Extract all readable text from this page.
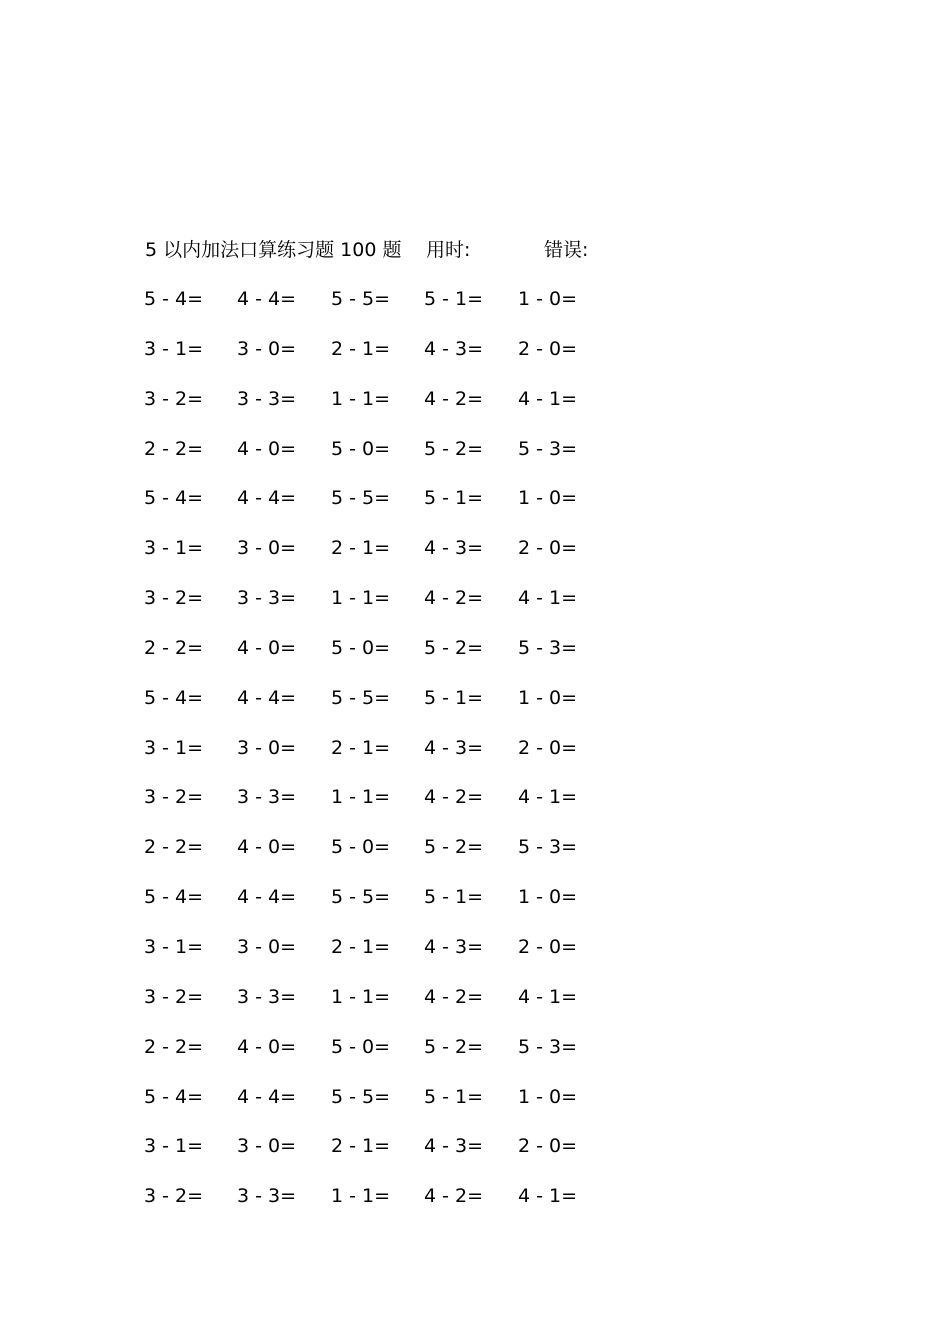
5 以内加法口算练习题 100 题 用时:	错误:
5 - 4=	4 - 4=	5 - 5=	5 - 1=	1 - 0=
3 - 1=	3 - 0=	2 - 1=	4 - 3=	2 - 0=
3 - 2=	3 - 3=	1 - 1=	4 - 2=	4 - 1=
2 - 2=	4 - 0=	5 - 0=	5 - 2=	5 - 3=
5 - 4=	4 - 4=	5 - 5=	5 - 1=	1 - 0=
3 - 1=	3 - 0=	2 - 1=	4 - 3=	2 - 0=
3 - 2=	3 - 3=	1 - 1=	4 - 2=	4 - 1=
2 - 2=	4 - 0=	5 - 0=	5 - 2=	5 - 3=
5 - 4=	4 - 4=	5 - 5=	5 - 1=	1 - 0=
3 - 1=	3 - 0=	2 - 1=	4 - 3=	2 - 0=
3 - 2=	3 - 3=	1 - 1=	4 - 2=	4 - 1=
2 - 2=	4 - 0=	5 - 0=	5 - 2=	5 - 3=
5 - 4=	4 - 4=	5 - 5=	5 - 1=	1 - 0=
3 - 1=	3 - 0=	2 - 1=	4 - 3=	2 - 0=
3 - 2=	3 - 3=	1 - 1=	4 - 2=	4 - 1=
2 - 2=	4 - 0=	5 - 0=	5 - 2=	5 - 3=
5 - 4=	4 - 4=	5 - 5=	5 - 1=	1 - 0=
3 - 1=	3 - 0=	2 - 1=	4 - 3=	2 - 0=
3 - 2=	3 - 3=	1 - 1=	4 - 2=	4 - 1=
